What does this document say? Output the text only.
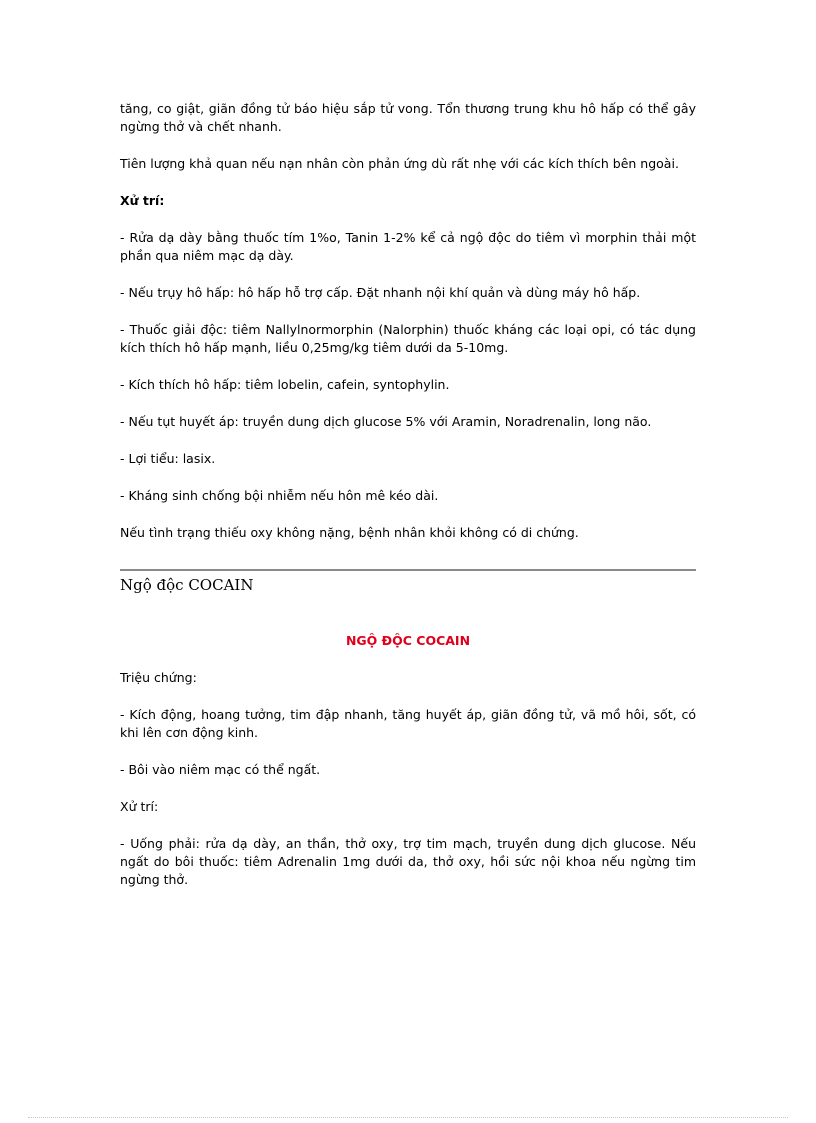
tăng, co giật, giãn đồng tử báo hiệu sắp tử vong. Tổn thương trung khu hô hấp có thể gây ngừng thở và chết nhanh.

Tiên lượng khả quan nếu nạn nhân còn phản ứng dù rất nhẹ với các kích thích bên ngoài.

Xử trí:

- Rửa dạ dày bằng thuốc tím 1%o, Tanin 1-2% kể cả ngộ độc do tiêm vì morphin thải một phần qua niêm mạc dạ dày.

- Nếu trụy hô hấp: hô hấp hỗ trợ cấp. Đặt nhanh nội khí quản và dùng máy hô hấp.

- Thuốc giải độc: tiêm Nallylnormorphin (Nalorphin) thuốc kháng các loại opi, có tác dụng kích thích hô hấp mạnh, liều 0,25mg/kg tiêm dưới da 5-10mg.

- Kích thích hô hấp: tiêm lobelin, cafein, syntophylin.

- Nếu tụt huyết áp: truyền dung dịch glucose 5% với Aramin, Noradrenalin, long não.

- Lợi tiểu: lasix.

- Kháng sinh chống bội nhiễm nếu hôn mê kéo dài.

Nếu tình trạng thiếu oxy không nặng, bệnh nhân khỏi không có di chứng.

Ngộ độc COCAIN
NGỘ ĐỘC COCAIN

Triệu chứng:

- Kích động, hoang tưởng, tim đập nhanh, tăng huyết áp, giãn đồng tử, vã mồ hôi, sốt, có khi lên cơn động kinh.

- Bôi vào niêm mạc có thể ngất.

Xử trí:

- Uống phải: rửa dạ dày, an thần, thở oxy, trợ tim mạch, truyền dung dịch glucose. Nếu ngất do bôi thuốc: tiêm Adrenalin 1mg dưới da, thở oxy, hồi sức nội khoa nếu ngừng tim ngừng thở.
